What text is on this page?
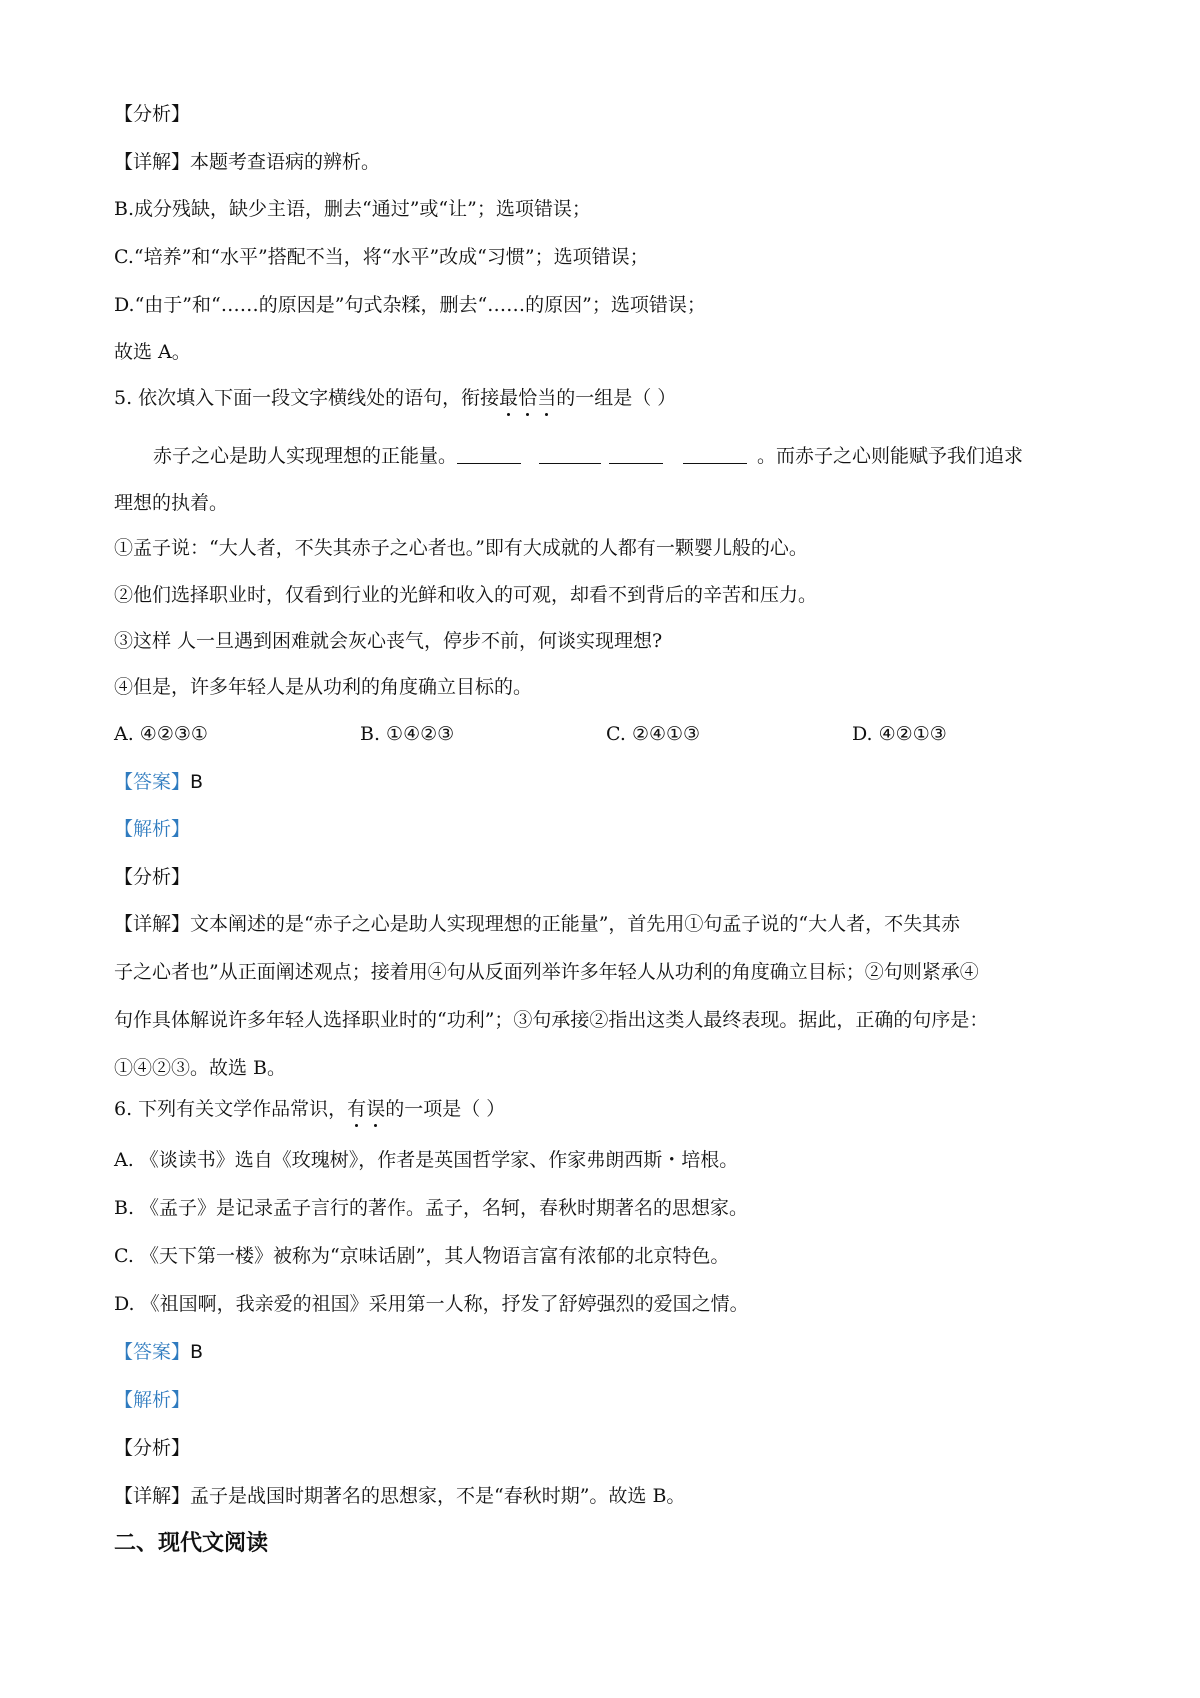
【分析】
【详解】本题考查语病的辨析。
B.成分残缺，缺少主语，删去“通过”或“让”；选项错误；
C.“培养”和“水平”搭配不当，将“水平”改成“习惯”；选项错误；
D.“由于”和“……的原因是”句式杂糅，删去“……的原因”；选项错误；
故选 A。
5. 依次填入下面一段文字横线处的语句，衔接最恰当的一组是（ ）
赤子之心是助人实现理想的正能量。	。而赤子之心则能赋予我们追求
理想的执着。
①孟子说：“大人者，不失其赤子之心者也。”即有大成就的人都有一颗婴儿般的心。
②他们选择职业时，仅看到行业的光鲜和收入的可观，却看不到背后的辛苦和压力。
③这样 人一旦遇到困难就会灰心丧气，停步不前，何谈实现理想?
④但是，许多年轻人是从功利的角度确立目标的。
A. ④②③①	B. ①④②③	C. ②④①③	D. ④②①③
【答案】B
【解析】
【分析】
【详解】文本阐述的是“赤子之心是助人实现理想的正能量”，首先用①句孟子说的“大人者，不失其赤
子之心者也”从正面阐述观点；接着用④句从反面列举许多年轻人从功利的角度确立目标；②句则紧承④
句作具体解说许多年轻人选择职业时的“功利”；③句承接②指出这类人最终表现。据此，正确的句序是：
①④②③。故选 B。
6. 下列有关文学作品常识，有误的一项是（ ）
A. 《谈读书》选自《玫瑰树》，作者是英国哲学家、作家弗朗西斯・培根。
B. 《孟子》是记录孟子言行的著作。孟子，名轲，春秋时期著名的思想家。
C. 《天下第一楼》被称为“京味话剧”，其人物语言富有浓郁的北京特色。
D. 《祖国啊，我亲爱的祖国》采用第一人称，抒发了舒婷强烈的爱国之情。
【答案】B
【解析】
【分析】
【详解】孟子是战国时期著名的思想家，不是“春秋时期”。故选 B。
二、现代文阅读
